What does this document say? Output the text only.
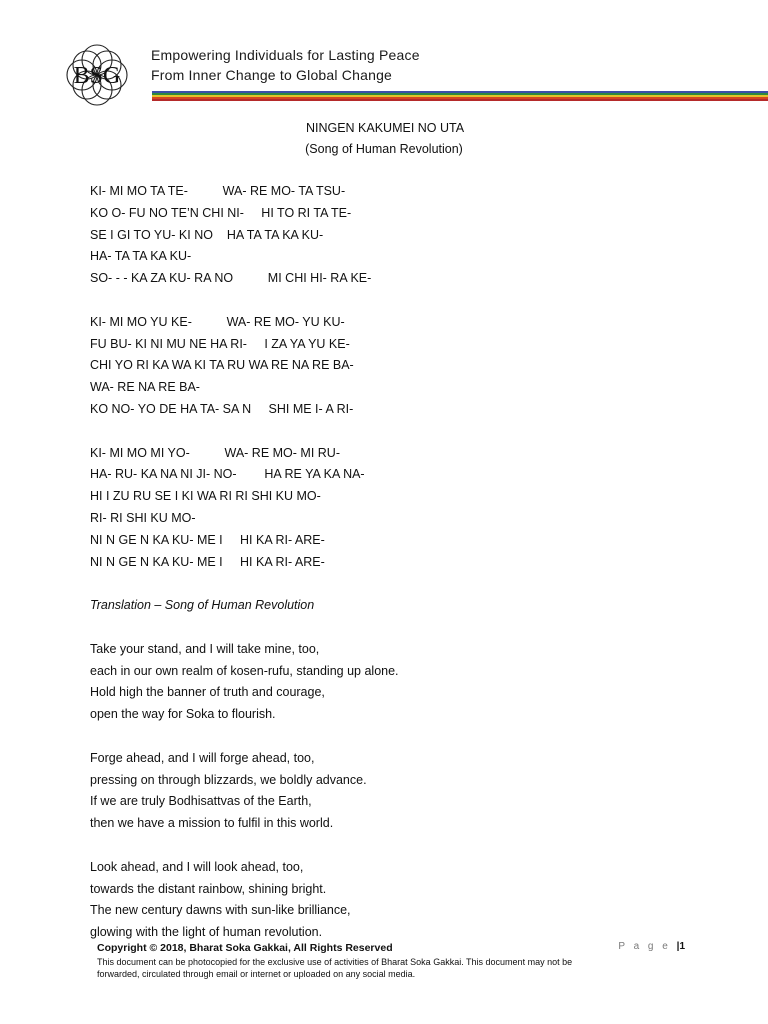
BSG
Empowering Individuals for Lasting Peace
From Inner Change to Global Change
NINGEN KAKUMEI NO UTA
(Song of Human Revolution)
KI- MI MO TA TE-          WA- RE MO- TA TSU-
KO O- FU NO TE’N CHI NI-     HI TO RI TA TE-
SE I GI TO YU- KI NO    HA TA TA KA KU-
HA- TA TA KA KU-
SO- - - KA ZA KU- RA NO          MI CHI HI- RA KE-
KI- MI MO YU KE-          WA- RE MO- YU KU-
FU BU- KI NI MU NE HA RI-     I ZA YA YU KE-
CHI YO RI KA WA KI TA RU WA RE NA RE BA-
WA- RE NA RE BA-
KO NO- YO DE HA TA- SA N     SHI ME I- A RI-
KI- MI MO MI YO-          WA- RE MO- MI RU-
HA- RU- KA NA NI JI- NO-        HA RE YA KA NA-
HI I ZU RU SE I KI WA RI RI SHI KU MO-
RI- RI SHI KU MO-
NI N GE N KA KU- ME I     HI KA RI- ARE-
NI N GE N KA KU- ME I     HI KA RI- ARE-
Translation – Song of Human Revolution
Take your stand, and I will take mine, too,
each in our own realm of kosen-rufu, standing up alone.
Hold high the banner of truth and courage,
open the way for Soka to flourish.
Forge ahead, and I will forge ahead, too,
pressing on through blizzards, we boldly advance.
If we are truly Bodhisattvas of the Earth,
then we have a mission to fulfil in this world.
Look ahead, and I will look ahead, too,
towards the distant rainbow, shining bright.
The new century dawns with sun-like brilliance,
glowing with the light of human revolution.
Copyright © 2018, Bharat Soka Gakkai, All Rights Reserved
This document can be photocopied for the exclusive use of activities of Bharat Soka Gakkai. This document may not be
forwarded, circulated through email or internet or uploaded on any social media.
P a g e |1
